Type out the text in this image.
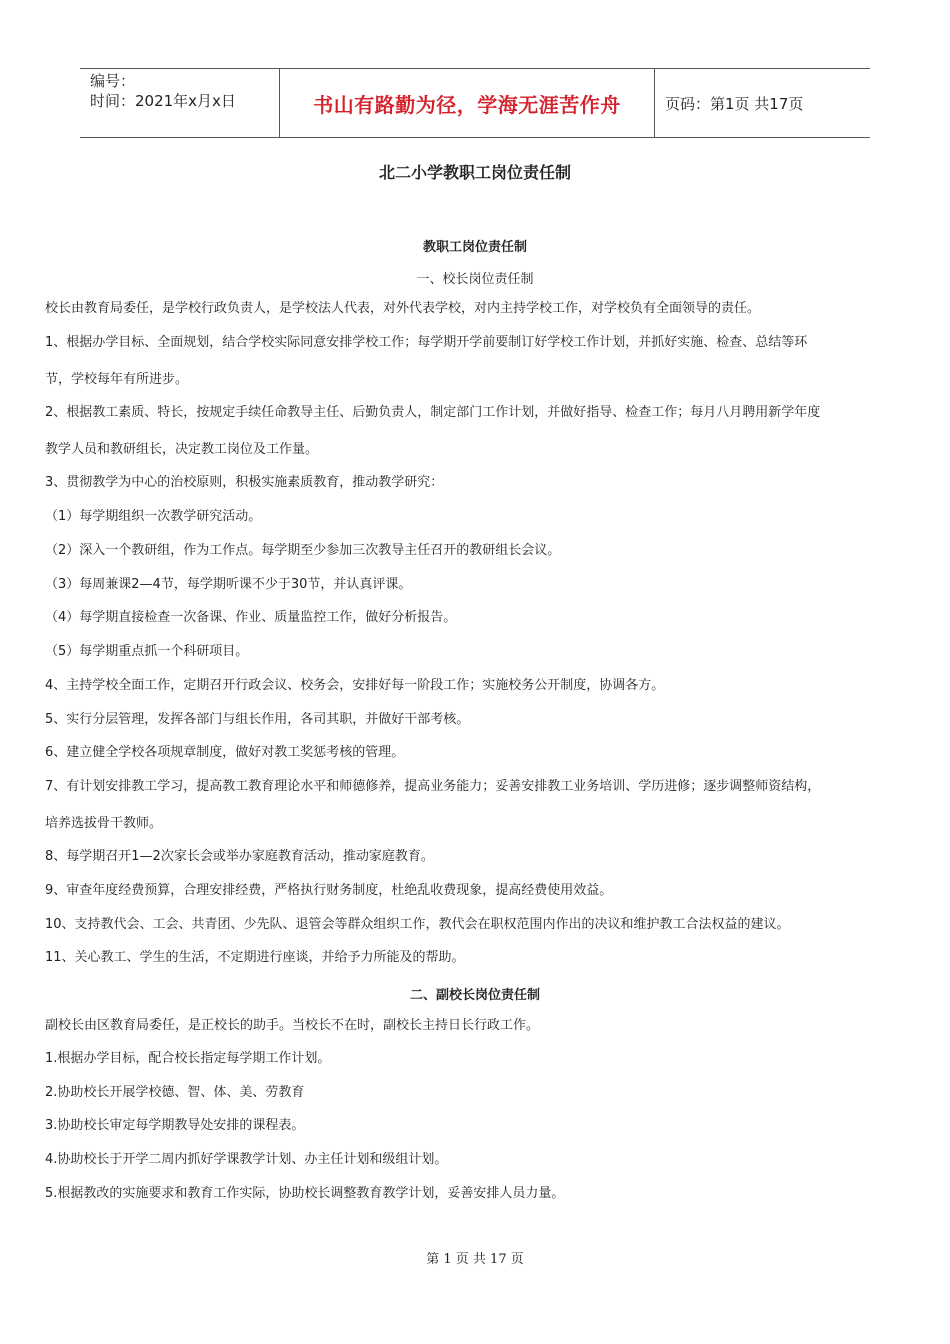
编号：
时间：2021年x月x日	书山有路勤为径，学海无涯苦作舟	页码：第1页 共17页
北二小学教职工岗位责任制
教职工岗位责任制
一、校长岗位责任制
校长由教育局委任，是学校行政负责人，是学校法人代表，对外代表学校，对内主持学校工作，对学校负有全面领导的责任。
1、根据办学目标、全面规划，结合学校实际同意安排学校工作；每学期开学前要制订好学校工作计划，并抓好实施、检查、总结等环
节，学校每年有所进步。
2、根据教工素质、特长，按规定手续任命教导主任、后勤负责人，制定部门工作计划，并做好指导、检查工作；每月八月聘用新学年度
教学人员和教研组长，决定教工岗位及工作量。
3、贯彻教学为中心的治校原则，积极实施素质教育，推动教学研究：
（1）每学期组织一次教学研究活动。
（2）深入一个教研组，作为工作点。每学期至少参加三次教导主任召开的教研组长会议。
（3）每周兼课2—4节，每学期听课不少于30节，并认真评课。
（4）每学期直接检查一次备课、作业、质量监控工作，做好分析报告。
（5）每学期重点抓一个科研项目。
4、主持学校全面工作，定期召开行政会议、校务会，安排好每一阶段工作；实施校务公开制度，协调各方。
5、实行分层管理，发挥各部门与组长作用，各司其职，并做好干部考核。
6、建立健全学校各项规章制度，做好对教工奖惩考核的管理。
7、有计划安排教工学习，提高教工教育理论水平和师德修养，提高业务能力；妥善安排教工业务培训、学历进修；逐步调整师资结构，
培养选拔骨干教师。
8、每学期召开1—2次家长会或举办家庭教育活动，推动家庭教育。
9、审查年度经费预算，合理安排经费，严格执行财务制度，杜绝乱收费现象，提高经费使用效益。
10、支持教代会、工会、共青团、少先队、退管会等群众组织工作，教代会在职权范围内作出的决议和维护教工合法权益的建议。
11、关心教工、学生的生活，不定期进行座谈，并给予力所能及的帮助。
二、副校长岗位责任制
副校长由区教育局委任，是正校长的助手。当校长不在时，副校长主持日长行政工作。
1.根据办学目标，配合校长指定每学期工作计划。
2.协助校长开展学校德、智、体、美、劳教育
3.协助校长审定每学期教导处安排的课程表。
4.协助校长于开学二周内抓好学课教学计划、办主任计划和级组计划。
5.根据教改的实施要求和教育工作实际，协助校长调整教育教学计划，妥善安排人员力量。
第 1 页 共 17 页
